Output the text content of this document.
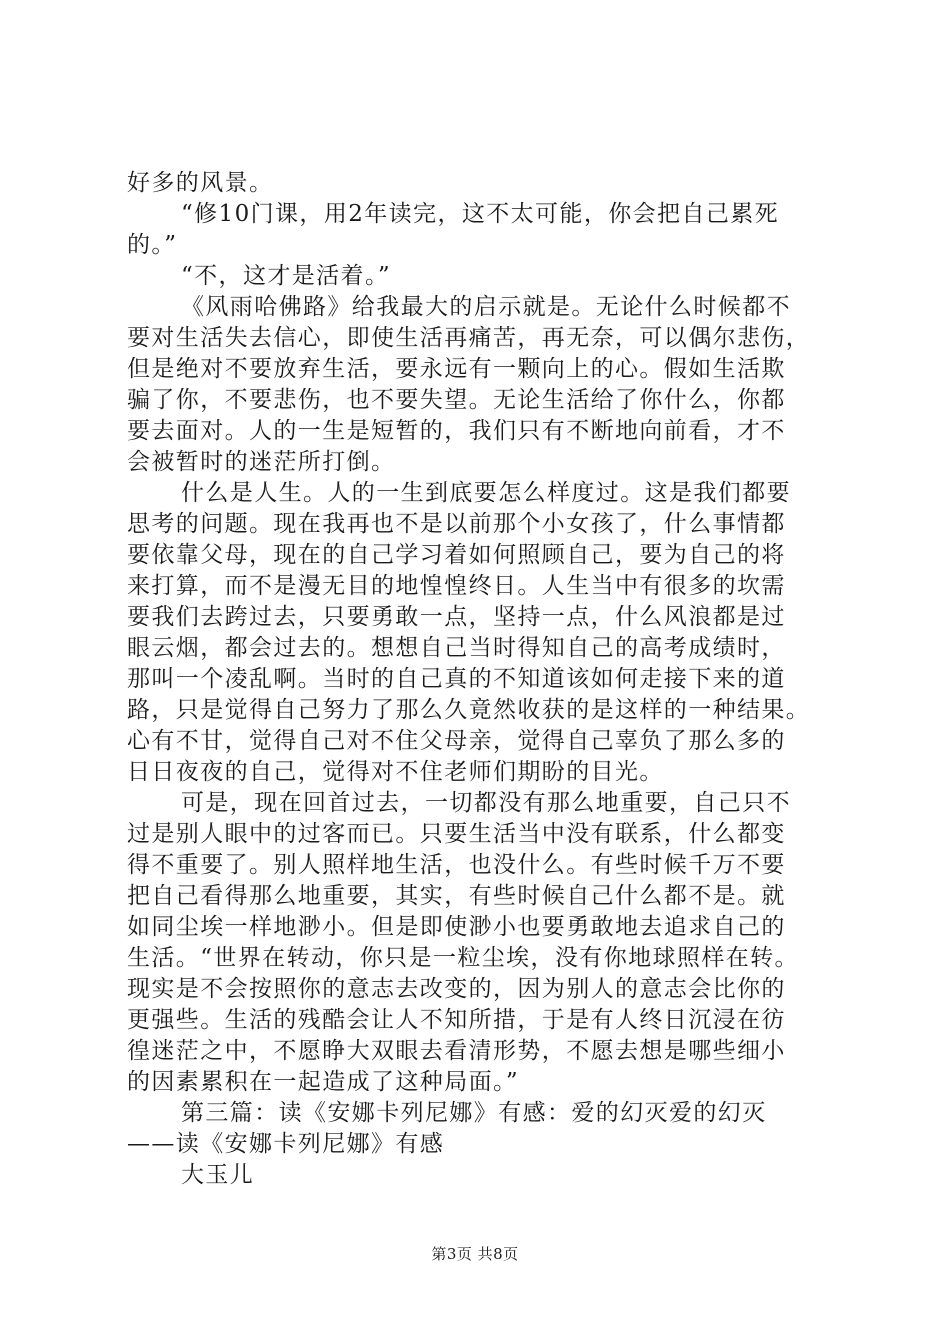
好多的风景。
“修10门课，用2年读完，这不太可能，你会把自己累死
的。”
“不，这才是活着。”
《风雨哈佛路》给我最大的启示就是。无论什么时候都不
要对生活失去信心，即使生活再痛苦，再无奈，可以偶尔悲伤，
但是绝对不要放弃生活，要永远有一颗向上的心。假如生活欺
骗了你，不要悲伤，也不要失望。无论生活给了你什么，你都
要去面对。人的一生是短暂的，我们只有不断地向前看，才不
会被暂时的迷茫所打倒。
什么是人生。人的一生到底要怎么样度过。这是我们都要
思考的问题。现在我再也不是以前那个小女孩了，什么事情都
要依靠父母，现在的自己学习着如何照顾自己，要为自己的将
来打算，而不是漫无目的地惶惶终日。人生当中有很多的坎需
要我们去跨过去，只要勇敢一点，坚持一点，什么风浪都是过
眼云烟，都会过去的。想想自己当时得知自己的高考成绩时，
那叫一个凌乱啊。当时的自己真的不知道该如何走接下来的道
路，只是觉得自己努力了那么久竟然收获的是这样的一种结果。
心有不甘，觉得自己对不住父母亲，觉得自己辜负了那么多的
日日夜夜的自己，觉得对不住老师们期盼的目光。
可是，现在回首过去，一切都没有那么地重要，自己只不
过是别人眼中的过客而已。只要生活当中没有联系，什么都变
得不重要了。别人照样地生活，也没什么。有些时候千万不要
把自己看得那么地重要，其实，有些时候自己什么都不是。就
如同尘埃一样地渺小。但是即使渺小也要勇敢地去追求自己的
生活。“世界在转动，你只是一粒尘埃，没有你地球照样在转。
现实是不会按照你的意志去改变的，因为别人的意志会比你的
更强些。生活的残酷会让人不知所措，于是有人终日沉浸在彷
徨迷茫之中，不愿睁大双眼去看清形势，不愿去想是哪些细小
的因素累积在一起造成了这种局面。”
第三篇：读《安娜卡列尼娜》有感：爱的幻灭爱的幻灭
——读《安娜卡列尼娜》有感
大玉儿
第3页 共8页
